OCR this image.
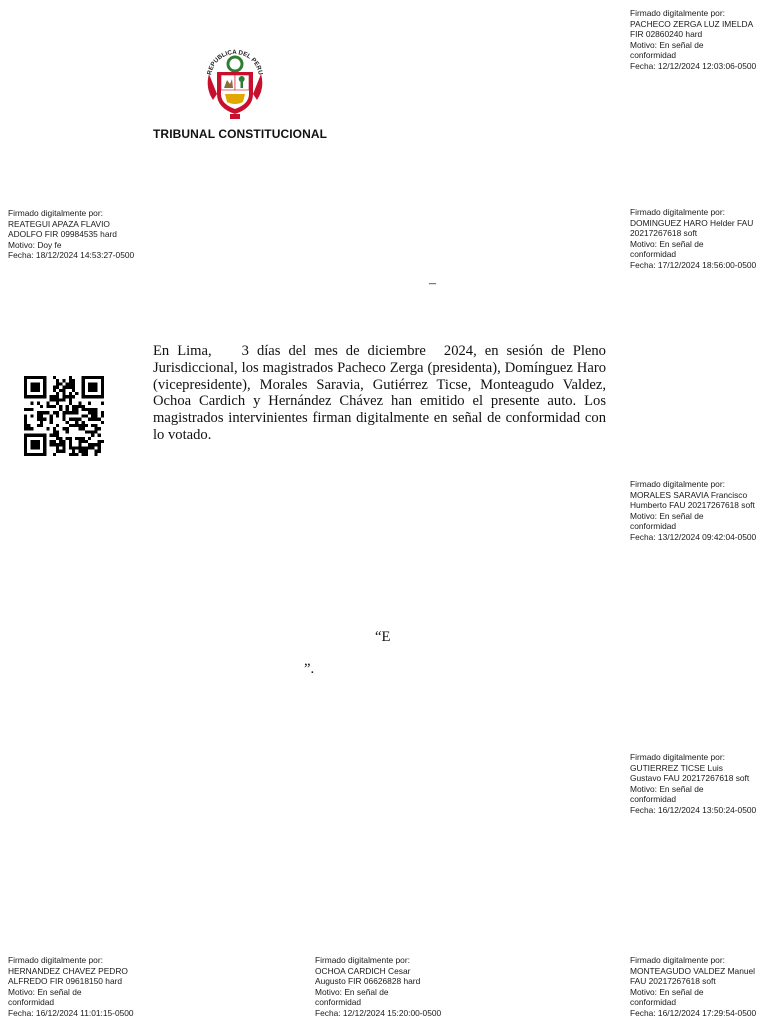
Firmado digitalmente por:
PACHECO ZERGA LUZ IMELDA
FIR 02860240 hard
Motivo: En señal de
conformidad
Fecha: 12/12/2024 12:03:06-0500
Firmado digitalmente por:
REATEGUI APAZA FLAVIO
ADOLFO FIR 09984535 hard
Motivo: Doy fe
Fecha: 18/12/2024 14:53:27-0500
Firmado digitalmente por:
DOMINGUEZ HARO Helder FAU
20217267618 soft
Motivo: En señal de
conformidad
Fecha: 17/12/2024 18:56:00-0500
Firmado digitalmente por:
MORALES SARAVIA Francisco
Humberto FAU 20217267618 soft
Motivo: En señal de
conformidad
Fecha: 13/12/2024 09:42:04-0500
Firmado digitalmente por:
GUTIERREZ TICSE Luis
Gustavo FAU 20217267618 soft
Motivo: En señal de
conformidad
Fecha: 16/12/2024 13:50:24-0500
Firmado digitalmente por:
HERNANDEZ CHAVEZ PEDRO
ALFREDO FIR 09618150 hard
Motivo: En señal de
conformidad
Fecha: 16/12/2024 11:01:15-0500
Firmado digitalmente por:
OCHOA CARDICH Cesar
Augusto FIR 06626828 hard
Motivo: En señal de
conformidad
Fecha: 12/12/2024 15:20:00-0500
Firmado digitalmente por:
MONTEAGUDO VALDEZ Manuel
FAU 20217267618 soft
Motivo: En señal de
conformidad
Fecha: 16/12/2024 17:29:54-0500
REPUBLICA DEL PERU
TRIBUNAL CONSTITUCIONAL
–

En Lima, 3 días del mes de diciembre 2024, en sesión de Pleno Jurisdiccional, los magistrados Pacheco Zerga (presidenta), Domínguez Haro (vicepresidente), Morales Saravia, Gutiérrez Ticse, Monteagudo Valdez, Ochoa Cardich y Hernández Chávez han emitido el presente auto. Los magistrados intervinientes firman digitalmente en señal de conformidad con lo votado.

“E
”.
